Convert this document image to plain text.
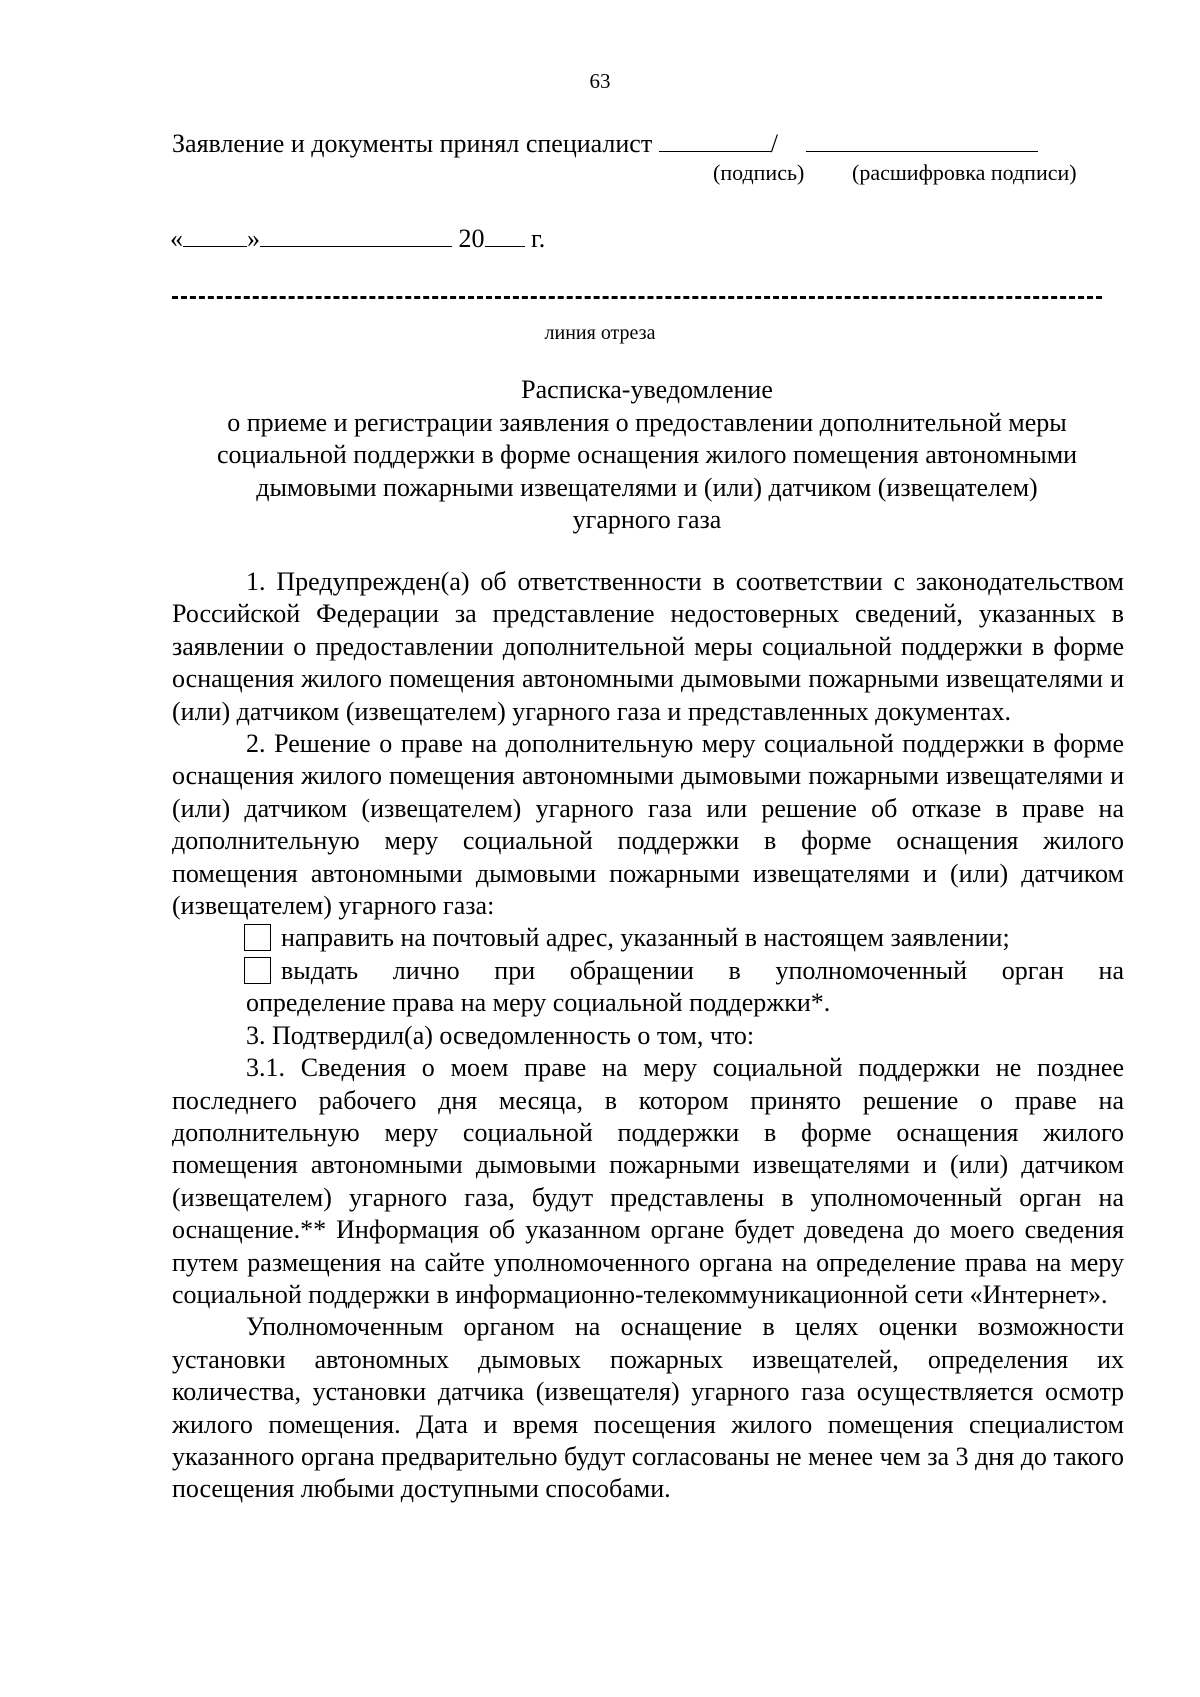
63
Заявление и документы принял специалист	/
(подпись) (расшифровка подписи)
« »	20 г.
линия отреза
Расписка-уведомление
о приеме и регистрации заявления о предоставлении дополнительной меры
социальной поддержки в форме оснащения жилого помещения автономными
дымовыми пожарными извещателями и (или) датчиком (извещателем)
угарного газа

1. Предупрежден(а) об ответственности в соответствии с законодательством Российской Федерации за представление недостоверных сведений, указанных в заявлении о предоставлении дополнительной меры социальной поддержки в форме оснащения жилого помещения автономными дымовыми пожарными извещателями и (или) датчиком (извещателем) угарного газа и представленных документах.

2. Решение о праве на дополнительную меру социальной поддержки в форме оснащения жилого помещения автономными дымовыми пожарными извещателями и (или) датчиком (извещателем) угарного газа или решение об отказе в праве на дополнительную меру социальной поддержки в форме оснащения жилого помещения автономными дымовыми пожарными извещателями и (или) датчиком (извещателем) угарного газа:

направить на почтовый адрес, указанный в настоящем заявлении;
выдать лично при обращении в уполномоченный орган на

определение права на меру социальной поддержки*.

3. Подтвердил(а) осведомленность о том, что:

3.1. Сведения о моем праве на меру социальной поддержки не позднее последнего рабочего дня месяца, в котором принято решение о праве на дополнительную меру социальной поддержки в форме оснащения жилого помещения автономными дымовыми пожарными извещателями и (или) датчиком (извещателем) угарного газа, будут представлены в уполномоченный орган на оснащение.** Информация об указанном органе будет доведена до моего сведения путем размещения на сайте уполномоченного органа на определение права на меру социальной поддержки в информационно-телекоммуникационной сети «Интернет».

Уполномоченным органом на оснащение в целях оценки возможности установки автономных дымовых пожарных извещателей, определения их количества, установки датчика (извещателя) угарного газа осуществляется осмотр жилого помещения. Дата и время посещения жилого помещения специалистом указанного органа предварительно будут согласованы не менее чем за 3 дня до такого посещения любыми доступными способами.
